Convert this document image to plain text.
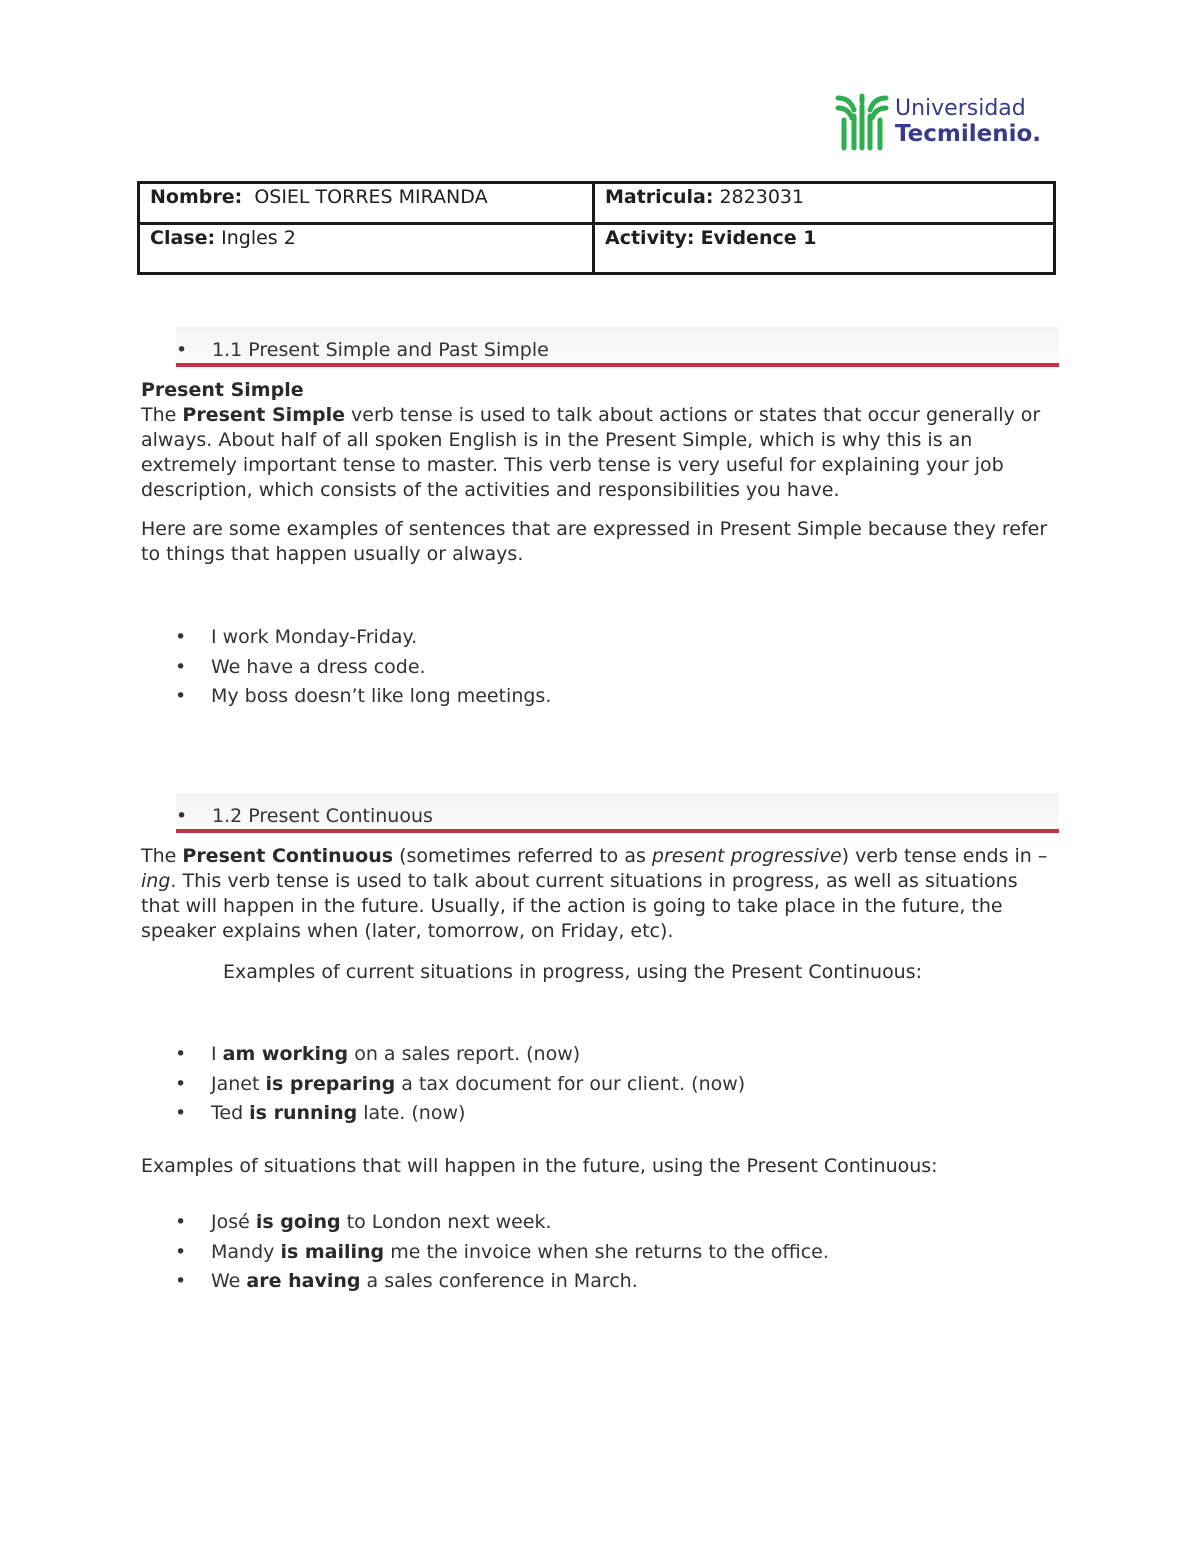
Universidad
Tecmilenio.
Nombre: OSIEL TORRES MIRANDA	Matricula: 2823031
Clase: Ingles 2	Activity: Evidence 1
• 1.1 Present Simple and Past Simple

Present Simple

The Present Simple verb tense is used to talk about actions or states that occur generally or always. About half of all spoken English is in the Present Simple, which is why this is an extremely important tense to master. This verb tense is very useful for explaining your job description, which consists of the activities and responsibilities you have.

Here are some examples of sentences that are expressed in Present Simple because they refer to things that happen usually or always.

• I work Monday-Friday.
• We have a dress code.
• My boss doesn’t like long meetings.
• 1.2 Present Continuous

The Present Continuous (sometimes referred to as present progressive) verb tense ends in –ing. This verb tense is used to talk about current situations in progress, as well as situations that will happen in the future. Usually, if the action is going to take place in the future, the speaker explains when (later, tomorrow, on Friday, etc).

Examples of current situations in progress, using the Present Continuous:

• I am working on a sales report. (now)
• Janet is preparing a tax document for our client. (now)
• Ted is running late. (now)

Examples of situations that will happen in the future, using the Present Continuous:

• José is going to London next week.
• Mandy is mailing me the invoice when she returns to the office.
• We are having a sales conference in March.
